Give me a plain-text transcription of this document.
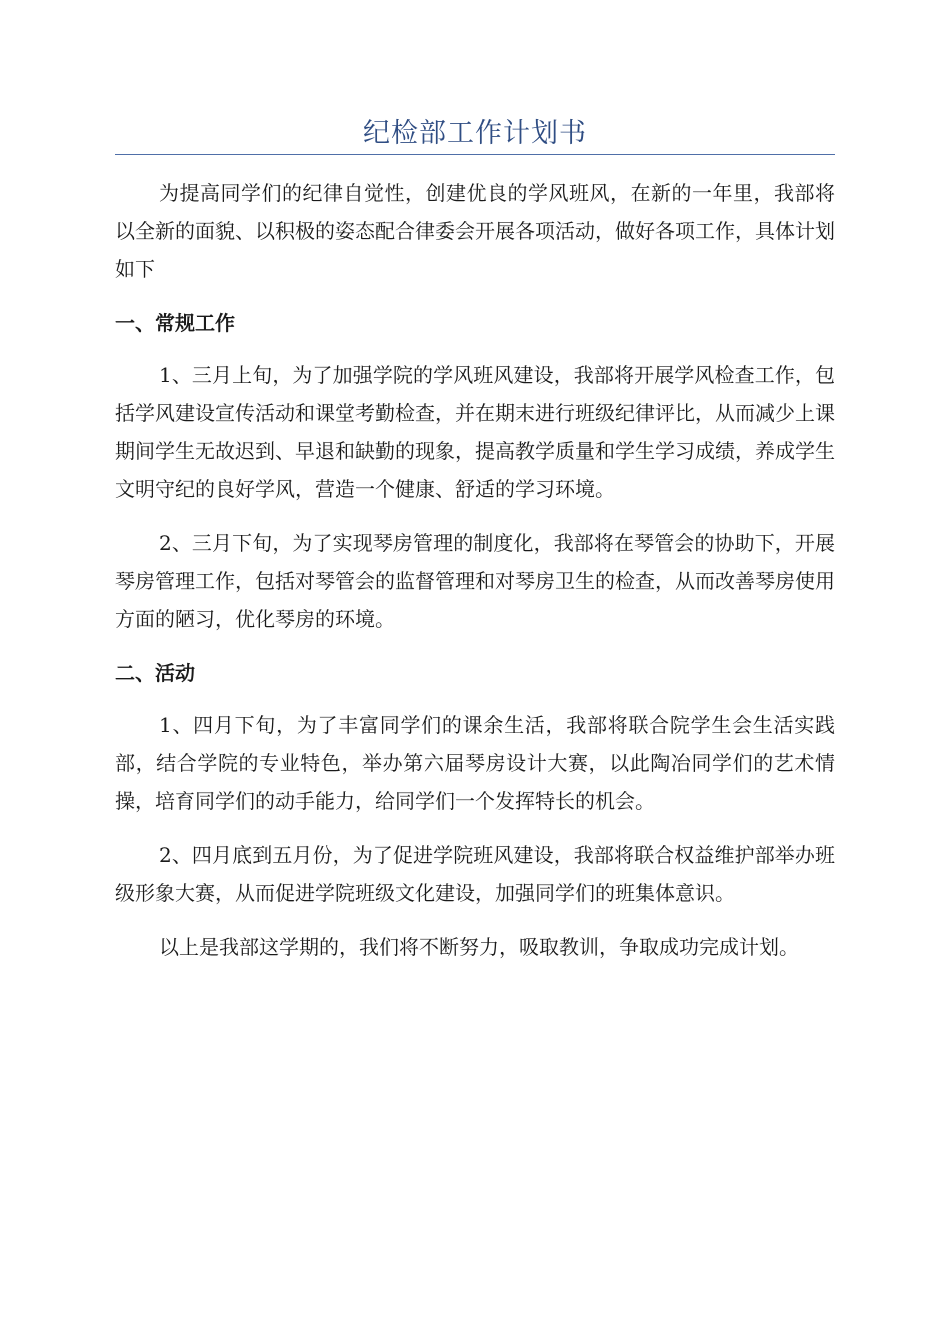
纪检部工作计划书

为提高同学们的纪律自觉性，创建优良的学风班风，在新的一年里，我部将以全新的面貌、以积极的姿态配合律委会开展各项活动，做好各项工作，具体计划如下

一、常规工作

1、三月上旬，为了加强学院的学风班风建设，我部将开展学风检查工作，包括学风建设宣传活动和课堂考勤检查，并在期末进行班级纪律评比，从而减少上课期间学生无故迟到、早退和缺勤的现象，提高教学质量和学生学习成绩，养成学生文明守纪的良好学风，营造一个健康、舒适的学习环境。

2、三月下旬，为了实现琴房管理的制度化，我部将在琴管会的协助下，开展琴房管理工作，包括对琴管会的监督管理和对琴房卫生的检查，从而改善琴房使用方面的陋习，优化琴房的环境。

二、活动

1、四月下旬，为了丰富同学们的课余生活，我部将联合院学生会生活实践部，结合学院的专业特色，举办第六届琴房设计大赛，以此陶冶同学们的艺术情操，培育同学们的动手能力，给同学们一个发挥特长的机会。

2、四月底到五月份，为了促进学院班风建设，我部将联合权益维护部举办班级形象大赛，从而促进学院班级文化建设，加强同学们的班集体意识。

以上是我部这学期的，我们将不断努力，吸取教训，争取成功完成计划。
